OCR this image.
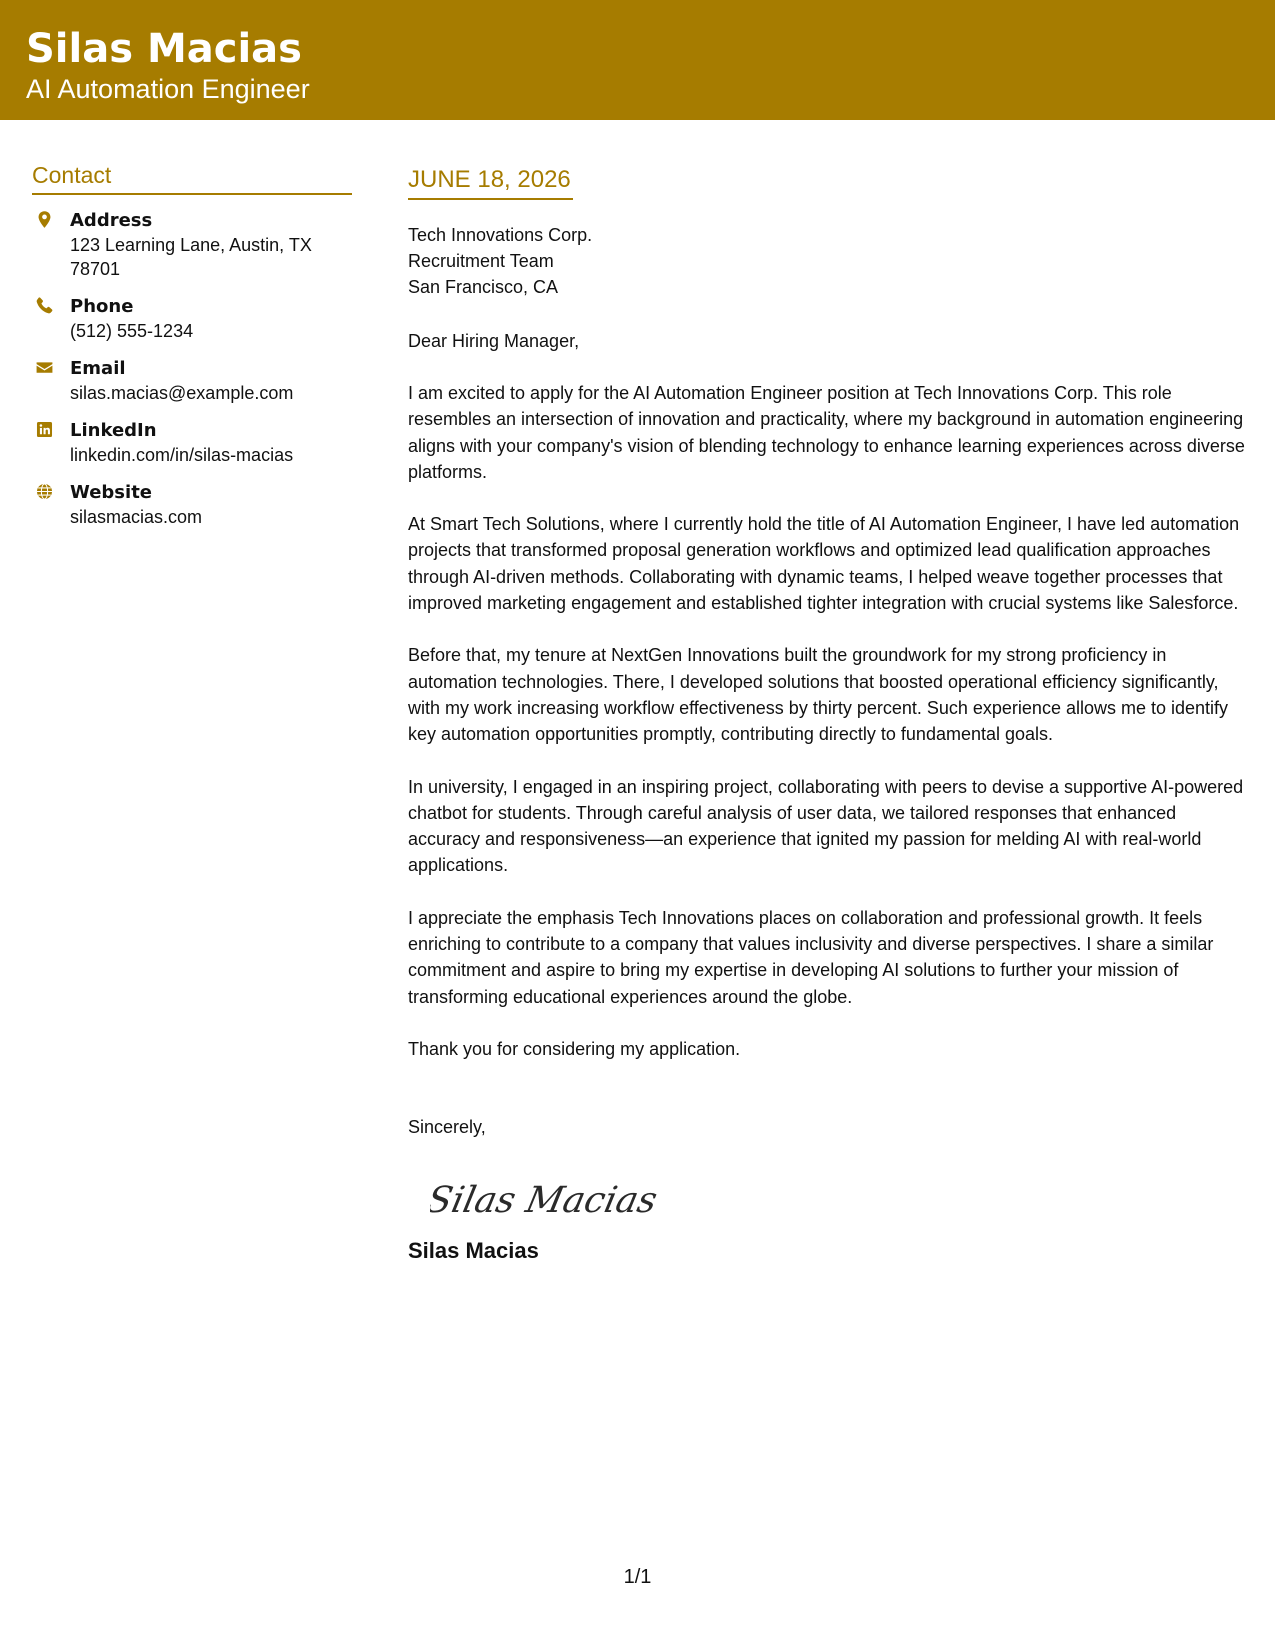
Silas Macias
AI Automation Engineer
Contact
Address
123 Learning Lane, Austin, TX 78701
Phone
(512) 555-1234
Email
silas.macias@example.com
LinkedIn
linkedin.com/in/silas-macias
Website
silasmacias.com
JUNE 18, 2026
Tech Innovations Corp.
Recruitment Team
San Francisco, CA
Dear Hiring Manager,
I am excited to apply for the AI Automation Engineer position at Tech Innovations Corp. This role resembles an intersection of innovation and practicality, where my background in automation engineering aligns with your company's vision of blending technology to enhance learning experiences across diverse platforms.
At Smart Tech Solutions, where I currently hold the title of AI Automation Engineer, I have led automation projects that transformed proposal generation workflows and optimized lead qualification approaches through AI-driven methods. Collaborating with dynamic teams, I helped weave together processes that improved marketing engagement and established tighter integration with crucial systems like Salesforce.
Before that, my tenure at NextGen Innovations built the groundwork for my strong proficiency in automation technologies. There, I developed solutions that boosted operational efficiency significantly, with my work increasing workflow effectiveness by thirty percent. Such experience allows me to identify key automation opportunities promptly, contributing directly to fundamental goals.
In university, I engaged in an inspiring project, collaborating with peers to devise a supportive AI-powered chatbot for students. Through careful analysis of user data, we tailored responses that enhanced accuracy and responsiveness—an experience that ignited my passion for melding AI with real-world applications.
I appreciate the emphasis Tech Innovations places on collaboration and professional growth. It feels enriching to contribute to a company that values inclusivity and diverse perspectives. I share a similar commitment and aspire to bring my expertise in developing AI solutions to further your mission of transforming educational experiences around the globe.
Thank you for considering my application.
Sincerely,
Silas Macias
Silas Macias
1/1
